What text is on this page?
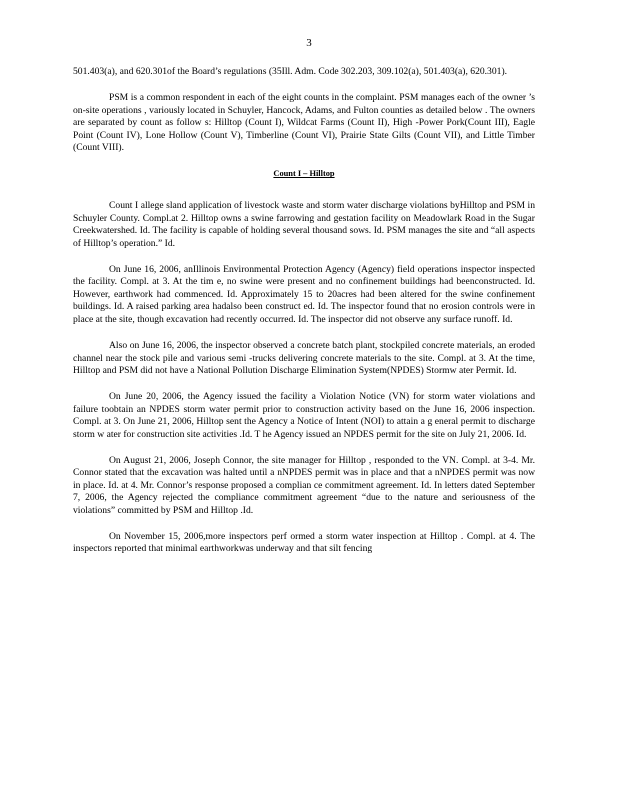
3

501.403(a), and 620.301of the Board’s regulations (35Ill. Adm. Code 302.203, 309.102(a), 501.403(a), 620.301).

PSM is a common respondent in each of the eight counts in the complaint. PSM manages each of the owner ’s on-site operations , variously located in Schuyler, Hancock, Adams, and Fulton counties as detailed below . The owners are separated by count as follow s: Hilltop (Count I), Wildcat Farms (Count II), High -Power Pork(Count III), Eagle Point (Count IV), Lone Hollow (Count V), Timberline (Count VI), Prairie State Gilts (Count VII), and Little Timber (Count VIII).

Count I – Hilltop

Count I allege sland application of livestock waste and storm water discharge violations byHilltop and PSM in Schuyler County. Compl.at 2. Hilltop owns a swine farrowing and gestation facility on Meadowlark Road in the Sugar Creekwatershed. Id. The facility is capable of holding several thousand sows. Id. PSM manages the site and “all aspects of Hilltop’s operation.” Id.

On June 16, 2006, anIllinois Environmental Protection Agency (Agency) field operations inspector inspected the facility. Compl. at 3. At the tim e, no swine were present and no confinement buildings had beenconstructed. Id. However, earthwork had commenced. Id. Approximately 15 to 20acres had been altered for the swine confinement buildings. Id. A raised parking area hadalso been construct ed. Id. The inspector found that no erosion controls were in place at the site, though excavation had recently occurred. Id. The inspector did not observe any surface runoff. Id.

Also on June 16, 2006, the inspector observed a concrete batch plant, stockpiled concrete materials, an eroded channel near the stock pile and various semi -trucks delivering concrete materials to the site. Compl. at 3. At the time, Hilltop and PSM did not have a National Pollution Discharge Elimination System(NPDES) Stormw ater Permit. Id.

On June 20, 2006, the Agency issued the facility a Violation Notice (VN) for storm water violations and failure toobtain an NPDES storm water permit prior to construction activity based on the June 16, 2006 inspection. Compl. at 3. On June 21, 2006, Hilltop sent the Agency a Notice of Intent (NOI) to attain a g eneral permit to discharge storm w ater for construction site activities .Id. T he Agency issued an NPDES permit for the site on July 21, 2006. Id.

On August 21, 2006, Joseph Connor, the site manager for Hilltop , responded to the VN. Compl. at 3-4. Mr. Connor stated that the excavation was halted until a nNPDES permit was in place and that a nNPDES permit was now in place. Id. at 4. Mr. Connor’s response proposed a complian ce commitment agreement. Id. In letters dated September 7, 2006, the Agency rejected the compliance commitment agreement “due to the nature and seriousness of the violations” committed by PSM and Hilltop .Id.

On November 15, 2006,more inspectors perf ormed a storm water inspection at Hilltop . Compl. at 4. The inspectors reported that minimal earthworkwas underway and that silt fencing
